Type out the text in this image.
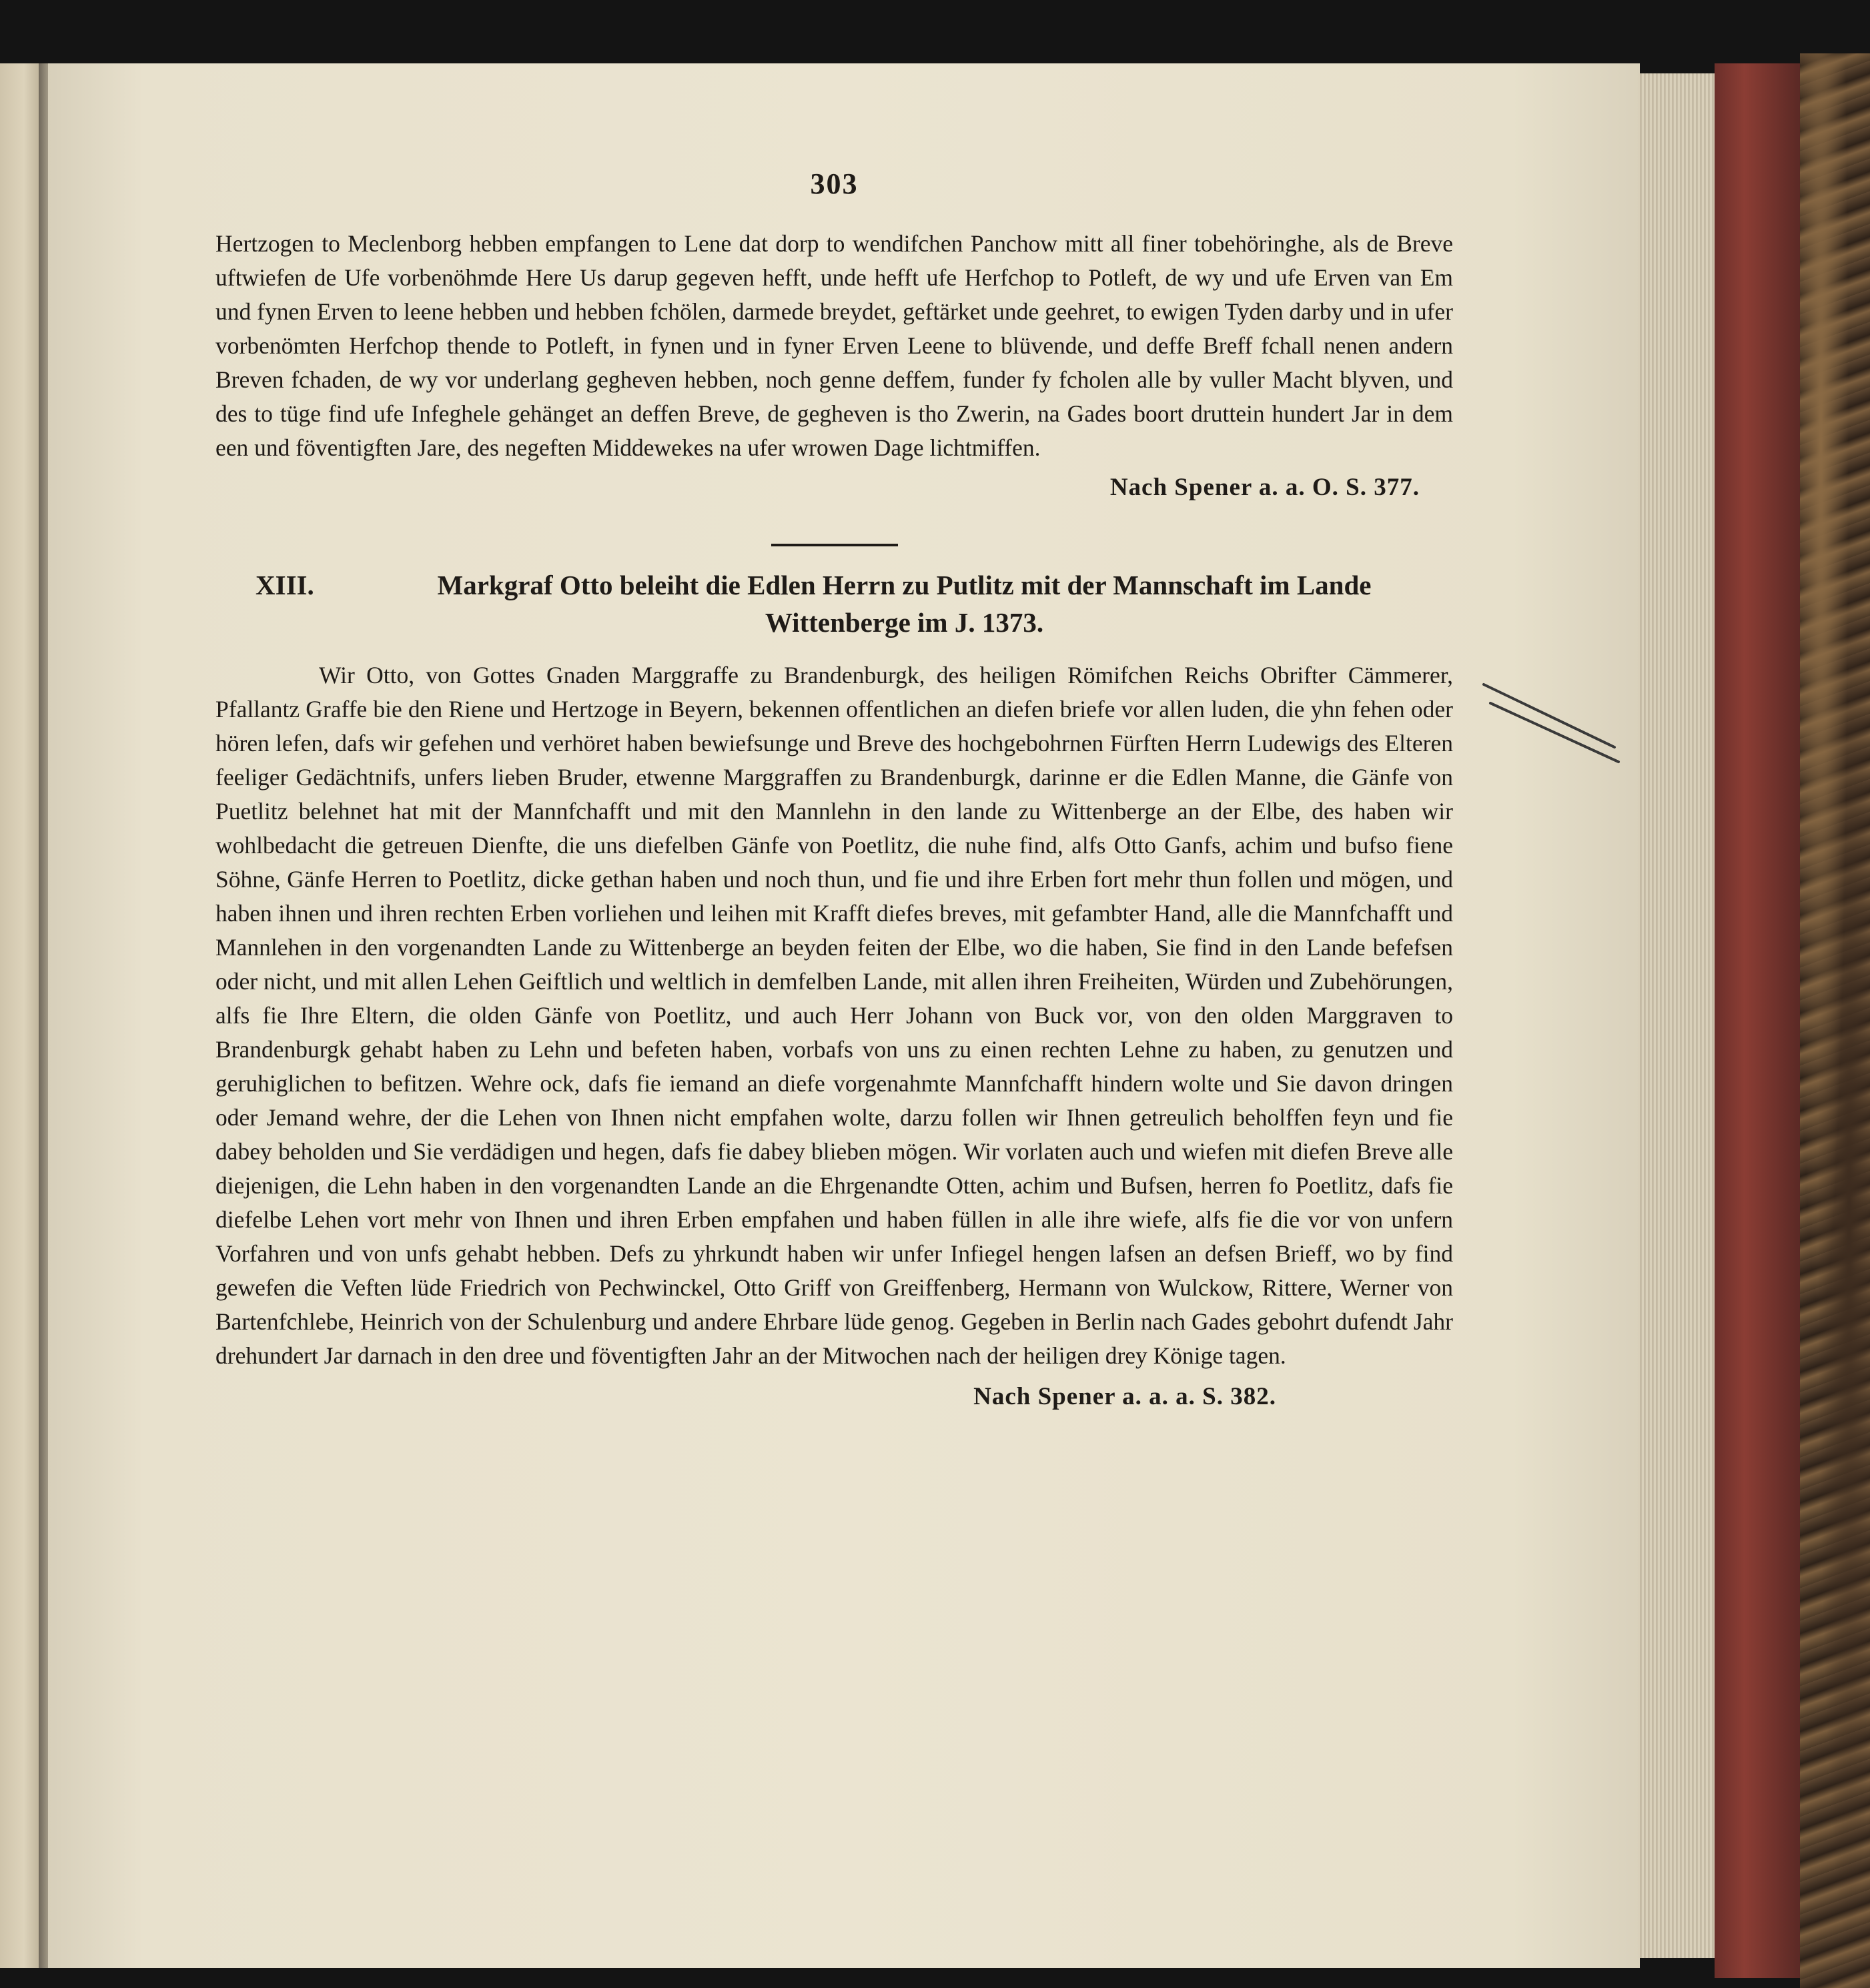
303

Hertzogen to Meclenborg hebben empfangen to Lene dat dorp to wendifchen Panchow mitt all finer tobehöringhe, als de Breve uftwiefen de Ufe vorbenöhmde Here Us darup gegeven hefft, unde hefft ufe Herfchop to Potleft, de wy und ufe Erven van Em und fynen Erven to leene hebben und hebben fchölen, darmede breydet, geftärket unde geehret, to ewigen Tyden darby und in ufer vorbenömten Herfchop thende to Potleft, in fynen und in fyner Erven Leene to blüvende, und deffe Breff fchall nenen andern Breven fchaden, de wy vor underlang gegheven hebben, noch genne deffem, funder fy fcholen alle by vuller Macht blyven, und des to tüge find ufe Infeghele gehänget an deffen Breve, de gegheven is tho Zwerin, na Gades boort druttein hundert Jar in dem een und föventigften Jare, des negeften Middewekes na ufer wrowen Dage lichtmiffen.

Nach Spener a. a. O. S. 377.

XIII.	Markgraf Otto beleiht die Edlen Herrn zu Putlitz mit der Mannschaft im Lande Wittenberge im J. 1373.

Wir Otto, von Gottes Gnaden Marggraffe zu Brandenburgk, des heiligen Römifchen Reichs Obrifter Cämmerer, Pfallantz Graffe bie den Riene und Hertzoge in Beyern, bekennen offentlichen an diefen briefe vor allen luden, die yhn fehen oder hören lefen, dafs wir gefehen und verhöret haben bewiefsunge und Breve des hochgebohrnen Fürften Herrn Ludewigs des Elteren feeliger Gedächtnifs, unfers lieben Bruder, etwenne Marggraffen zu Brandenburgk, darinne er die Edlen Manne, die Gänfe von Puetlitz belehnet hat mit der Mannfchafft und mit den Mannlehn in den lande zu Wittenberge an der Elbe, des haben wir wohlbedacht die getreuen Dienfte, die uns diefelben Gänfe von Poetlitz, die nuhe find, alfs Otto Ganfs, achim und bufso fiene Söhne, Gänfe Herren to Poetlitz, dicke gethan haben und noch thun, und fie und ihre Erben fort mehr thun follen und mögen, und haben ihnen und ihren rechten Erben vorliehen und leihen mit Krafft diefes breves, mit gefambter Hand, alle die Mannfchafft und Mannlehen in den vorgenandten Lande zu Wittenberge an beyden feiten der Elbe, wo die haben, Sie find in den Lande befefsen oder nicht, und mit allen Lehen Geiftlich und weltlich in demfelben Lande, mit allen ihren Freiheiten, Würden und Zubehörungen, alfs fie Ihre Eltern, die olden Gänfe von Poetlitz, und auch Herr Johann von Buck vor, von den olden Marggraven to Brandenburgk gehabt haben zu Lehn und befeten haben, vorbafs von uns zu einen rechten Lehne zu haben, zu genutzen und geruhiglichen to befitzen. Wehre ock, dafs fie iemand an diefe vorgenahmte Mannfchafft hindern wolte und Sie davon dringen oder Jemand wehre, der die Lehen von Ihnen nicht empfahen wolte, darzu follen wir Ihnen getreulich beholffen feyn und fie dabey beholden und Sie verdädigen und hegen, dafs fie dabey blieben mögen. Wir vorlaten auch und wiefen mit diefen Breve alle diejenigen, die Lehn haben in den vorgenandten Lande an die Ehrgenandte Otten, achim und Bufsen, herren fo Poetlitz, dafs fie diefelbe Lehen vort mehr von Ihnen und ihren Erben empfahen und haben füllen in alle ihre wiefe, alfs fie die vor von unfern Vorfahren und von unfs gehabt hebben. Defs zu yhrkundt haben wir unfer Infiegel hengen lafsen an defsen Brieff, wo by find gewefen die Veften lüde Friedrich von Pechwinckel, Otto Griff von Greiffenberg, Hermann von Wulckow, Rittere, Werner von Bartenfchlebe, Heinrich von der Schulenburg und andere Ehrbare lüde genog. Gegeben in Berlin nach Gades gebohrt dufendt Jahr drehundert Jar darnach in den dree und föventigften Jahr an der Mitwochen nach der heiligen drey Könige tagen.

Nach Spener a. a. a. S. 382.
